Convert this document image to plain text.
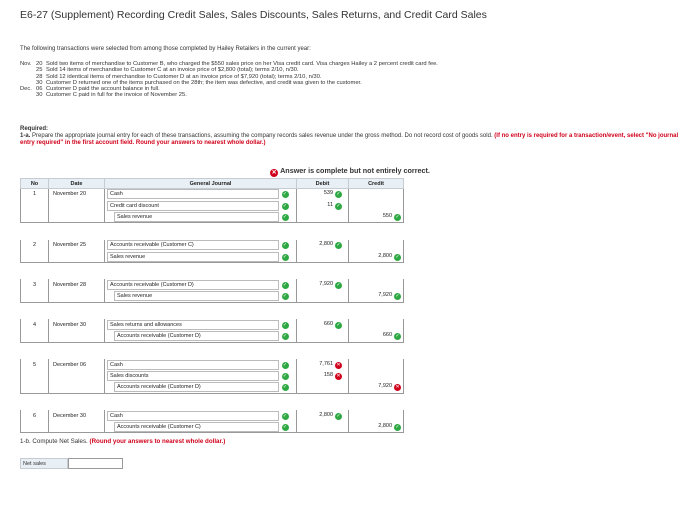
E6-27 (Supplement) Recording Credit Sales, Sales Discounts, Sales Returns, and Credit Card Sales
The following transactions were selected from among those completed by Hailey Retailers in the current year:
Nov. 20 Sold two items of merchandise to Customer B, who charged the $550 sales price on her Visa credit card. Visa charges Hailey a 2 percent credit card fee.
25 Sold 14 items of merchandise to Customer C at an invoice price of $2,800 (total); terms 2/10, n/30.
28 Sold 12 identical items of merchandise to Customer D at an invoice price of $7,920 (total); terms 2/10, n/30.
30 Customer D returned one of the items purchased on the 28th; the item was defective, and credit was given to the customer.
Dec. 06 Customer D paid the account balance in full.
30 Customer C paid in full for the invoice of November 25.
Required:
1-a. Prepare the appropriate journal entry for each of these transactions, assuming the company records sales revenue under the gross method. Do not record cost of goods sold. (If no entry is required for a transaction/event, select "No journal entry required" in the first account field. Round your answers to nearest whole dollar.)
✕ Answer is complete but not entirely correct.
No	Date	General Journal		Debit	Credit
1	November 20	Cash	✓	539 ✓	

		Credit card discount	✓	11 ✓	

		Sales revenue	✓		550 ✓

2	November 25	Accounts receivable (Customer C)	✓	2,800 ✓	

		Sales revenue	✓		2,800 ✓

3	November 28	Accounts receivable (Customer D)	✓	7,920 ✓	

		Sales revenue	✓		7,920 ✓

4	November 30	Sales returns and allowances	✓	660 ✓	

		Accounts receivable (Customer D)	✓		660 ✓

5	December 06	Cash	✓	7,761 ✕	

		Sales discounts	✓	158 ✕	

		Accounts receivable (Customer D)	✓		7,920 ✕

6	December 30	Cash	✓	2,800 ✓	

		Accounts receivable (Customer C)	✓		2,800 ✓
1-b. Compute Net Sales. (Round your answers to nearest whole dollar.)
Net sales
